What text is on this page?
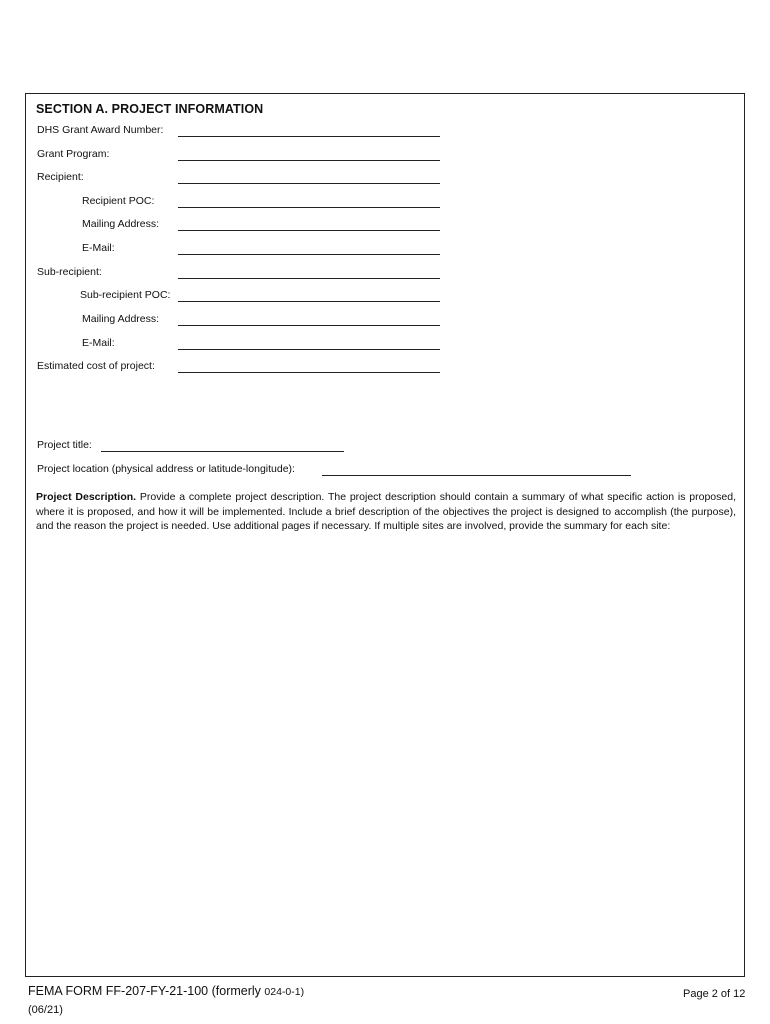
SECTION A. PROJECT INFORMATION
DHS Grant Award Number:
Grant Program:
Recipient:
Recipient POC:
Mailing Address:
E-Mail:
Sub-recipient:
Sub-recipient POC:
Mailing Address:
E-Mail:
Estimated cost of project:
Project title:
Project location (physical address or latitude-longitude):
Project Description. Provide a complete project description. The project description should contain a summary of what specific action is proposed, where it is proposed, and how it will be implemented. Include a brief description of the objectives the project is designed to accomplish (the purpose), and the reason the project is needed. Use additional pages if necessary. If multiple sites are involved, provide the summary for each site:
FEMA FORM FF-207-FY-21-100 (formerly 024-0-1)
(06/21)
Page 2 of 12
